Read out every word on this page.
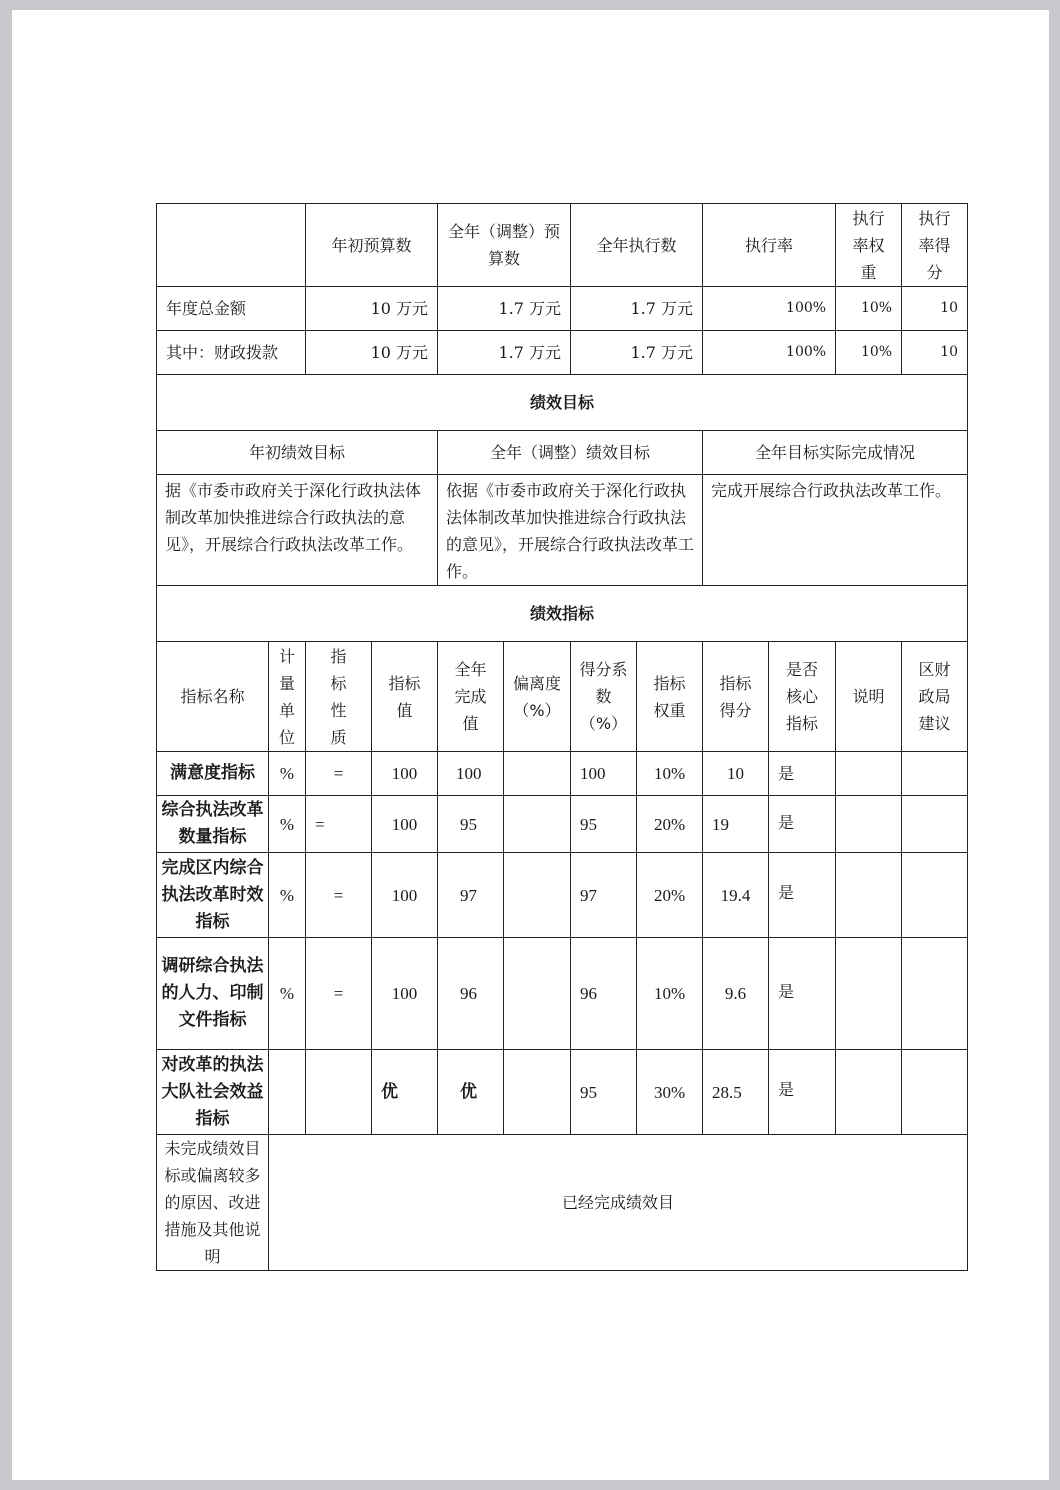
		年初预算数		全年（调整）预算数		全年执行数		执行率		执行率权重	执行率得分
年度总金额		10 万元		1.7 万元		1.7 万元		100%		10%	10
其中：财政拨款		10 万元		1.7 万元		1.7 万元		100%		10%	10
绩效目标											
年初绩效目标				全年（调整）绩效目标				全年目标实际完成情况			
据《市委市政府关于深化行政执法体制改革加快推进综合行政执法的意见》，开展综合行政执法改革工作。				依据《市委市政府关于深化行政执法体制改革加快推进综合行政执法的意见》，开展综合行政执法改革工作。				完成开展综合行政执法改革工作。			
绩效指标											
指标名称	计量单位	指标性质	指标值	全年完成值	偏离度（%）	得分系数（%）	指标权重	指标得分	是否核心指标	说明	区财政局建议
满意度指标	%	=	100	100		100	10%	10	是		
综合执法改革数量指标	%	=	100	95		95	20%	19	是		
完成区内综合执法改革时效指标	%	=	100	97		97	20%	19.4	是		
调研综合执法的人力、印制文件指标	%	=	100	96		96	10%	9.6	是		
对改革的执法大队社会效益指标			优	优		95	30%	28.5	是		
未完成绩效目标或偏离较多的原因、改进措施及其他说明	已经完成绩效目										
